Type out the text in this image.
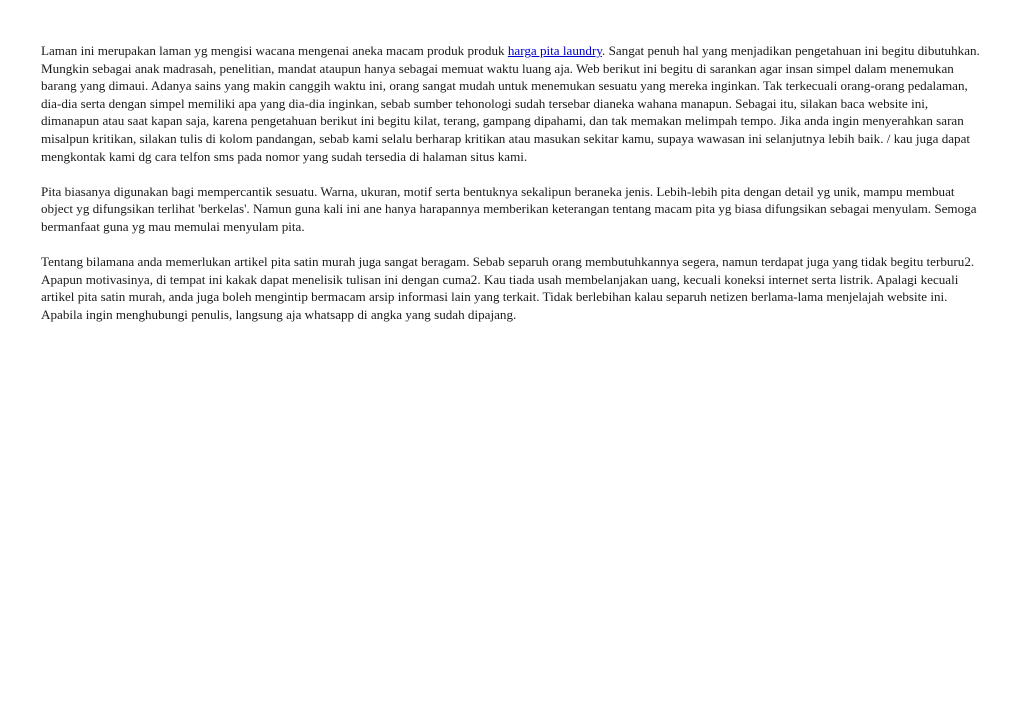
Laman ini merupakan laman yg mengisi wacana mengenai aneka macam produk produk harga pita laundry. Sangat penuh hal yang menjadikan pengetahuan ini begitu dibutuhkan. Mungkin sebagai anak madrasah, penelitian, mandat ataupun hanya sebagai memuat waktu luang aja. Web berikut ini begitu di sarankan agar insan simpel dalam menemukan barang yang dimaui. Adanya sains yang makin canggih waktu ini, orang sangat mudah untuk menemukan sesuatu yang mereka inginkan. Tak terkecuali orang-orang pedalaman, dia-dia serta dengan simpel memiliki apa yang dia-dia inginkan, sebab sumber tehonologi sudah tersebar dianeka wahana manapun. Sebagai itu, silakan baca website ini, dimanapun atau saat kapan saja, karena pengetahuan berikut ini begitu kilat, terang, gampang dipahami, dan tak memakan melimpah tempo. Jika anda ingin menyerahkan saran misalpun kritikan, silakan tulis di kolom pandangan, sebab kami selalu berharap kritikan atau masukan sekitar kamu, supaya wawasan ini selanjutnya lebih baik. / kau juga dapat mengkontak kami dg cara telfon sms pada nomor yang sudah tersedia di halaman situs kami.

Pita biasanya digunakan bagi mempercantik sesuatu. Warna, ukuran, motif serta bentuknya sekalipun beraneka jenis. Lebih-lebih pita dengan detail yg unik, mampu membuat object yg difungsikan terlihat 'berkelas'. Namun guna kali ini ane hanya harapannya memberikan keterangan tentang macam pita yg biasa difungsikan sebagai menyulam. Semoga bermanfaat guna yg mau memulai menyulam pita.

Tentang bilamana anda memerlukan artikel pita satin murah juga sangat beragam. Sebab separuh orang membutuhkannya segera, namun terdapat juga yang tidak begitu terburu2. Apapun motivasinya, di tempat ini kakak dapat menelisik tulisan ini dengan cuma2. Kau tiada usah membelanjakan uang, kecuali koneksi internet serta listrik. Apalagi kecuali artikel pita satin murah, anda juga boleh mengintip bermacam arsip informasi lain yang terkait. Tidak berlebihan kalau separuh netizen berlama-lama menjelajah website ini. Apabila ingin menghubungi penulis, langsung aja whatsapp di angka yang sudah dipajang.
